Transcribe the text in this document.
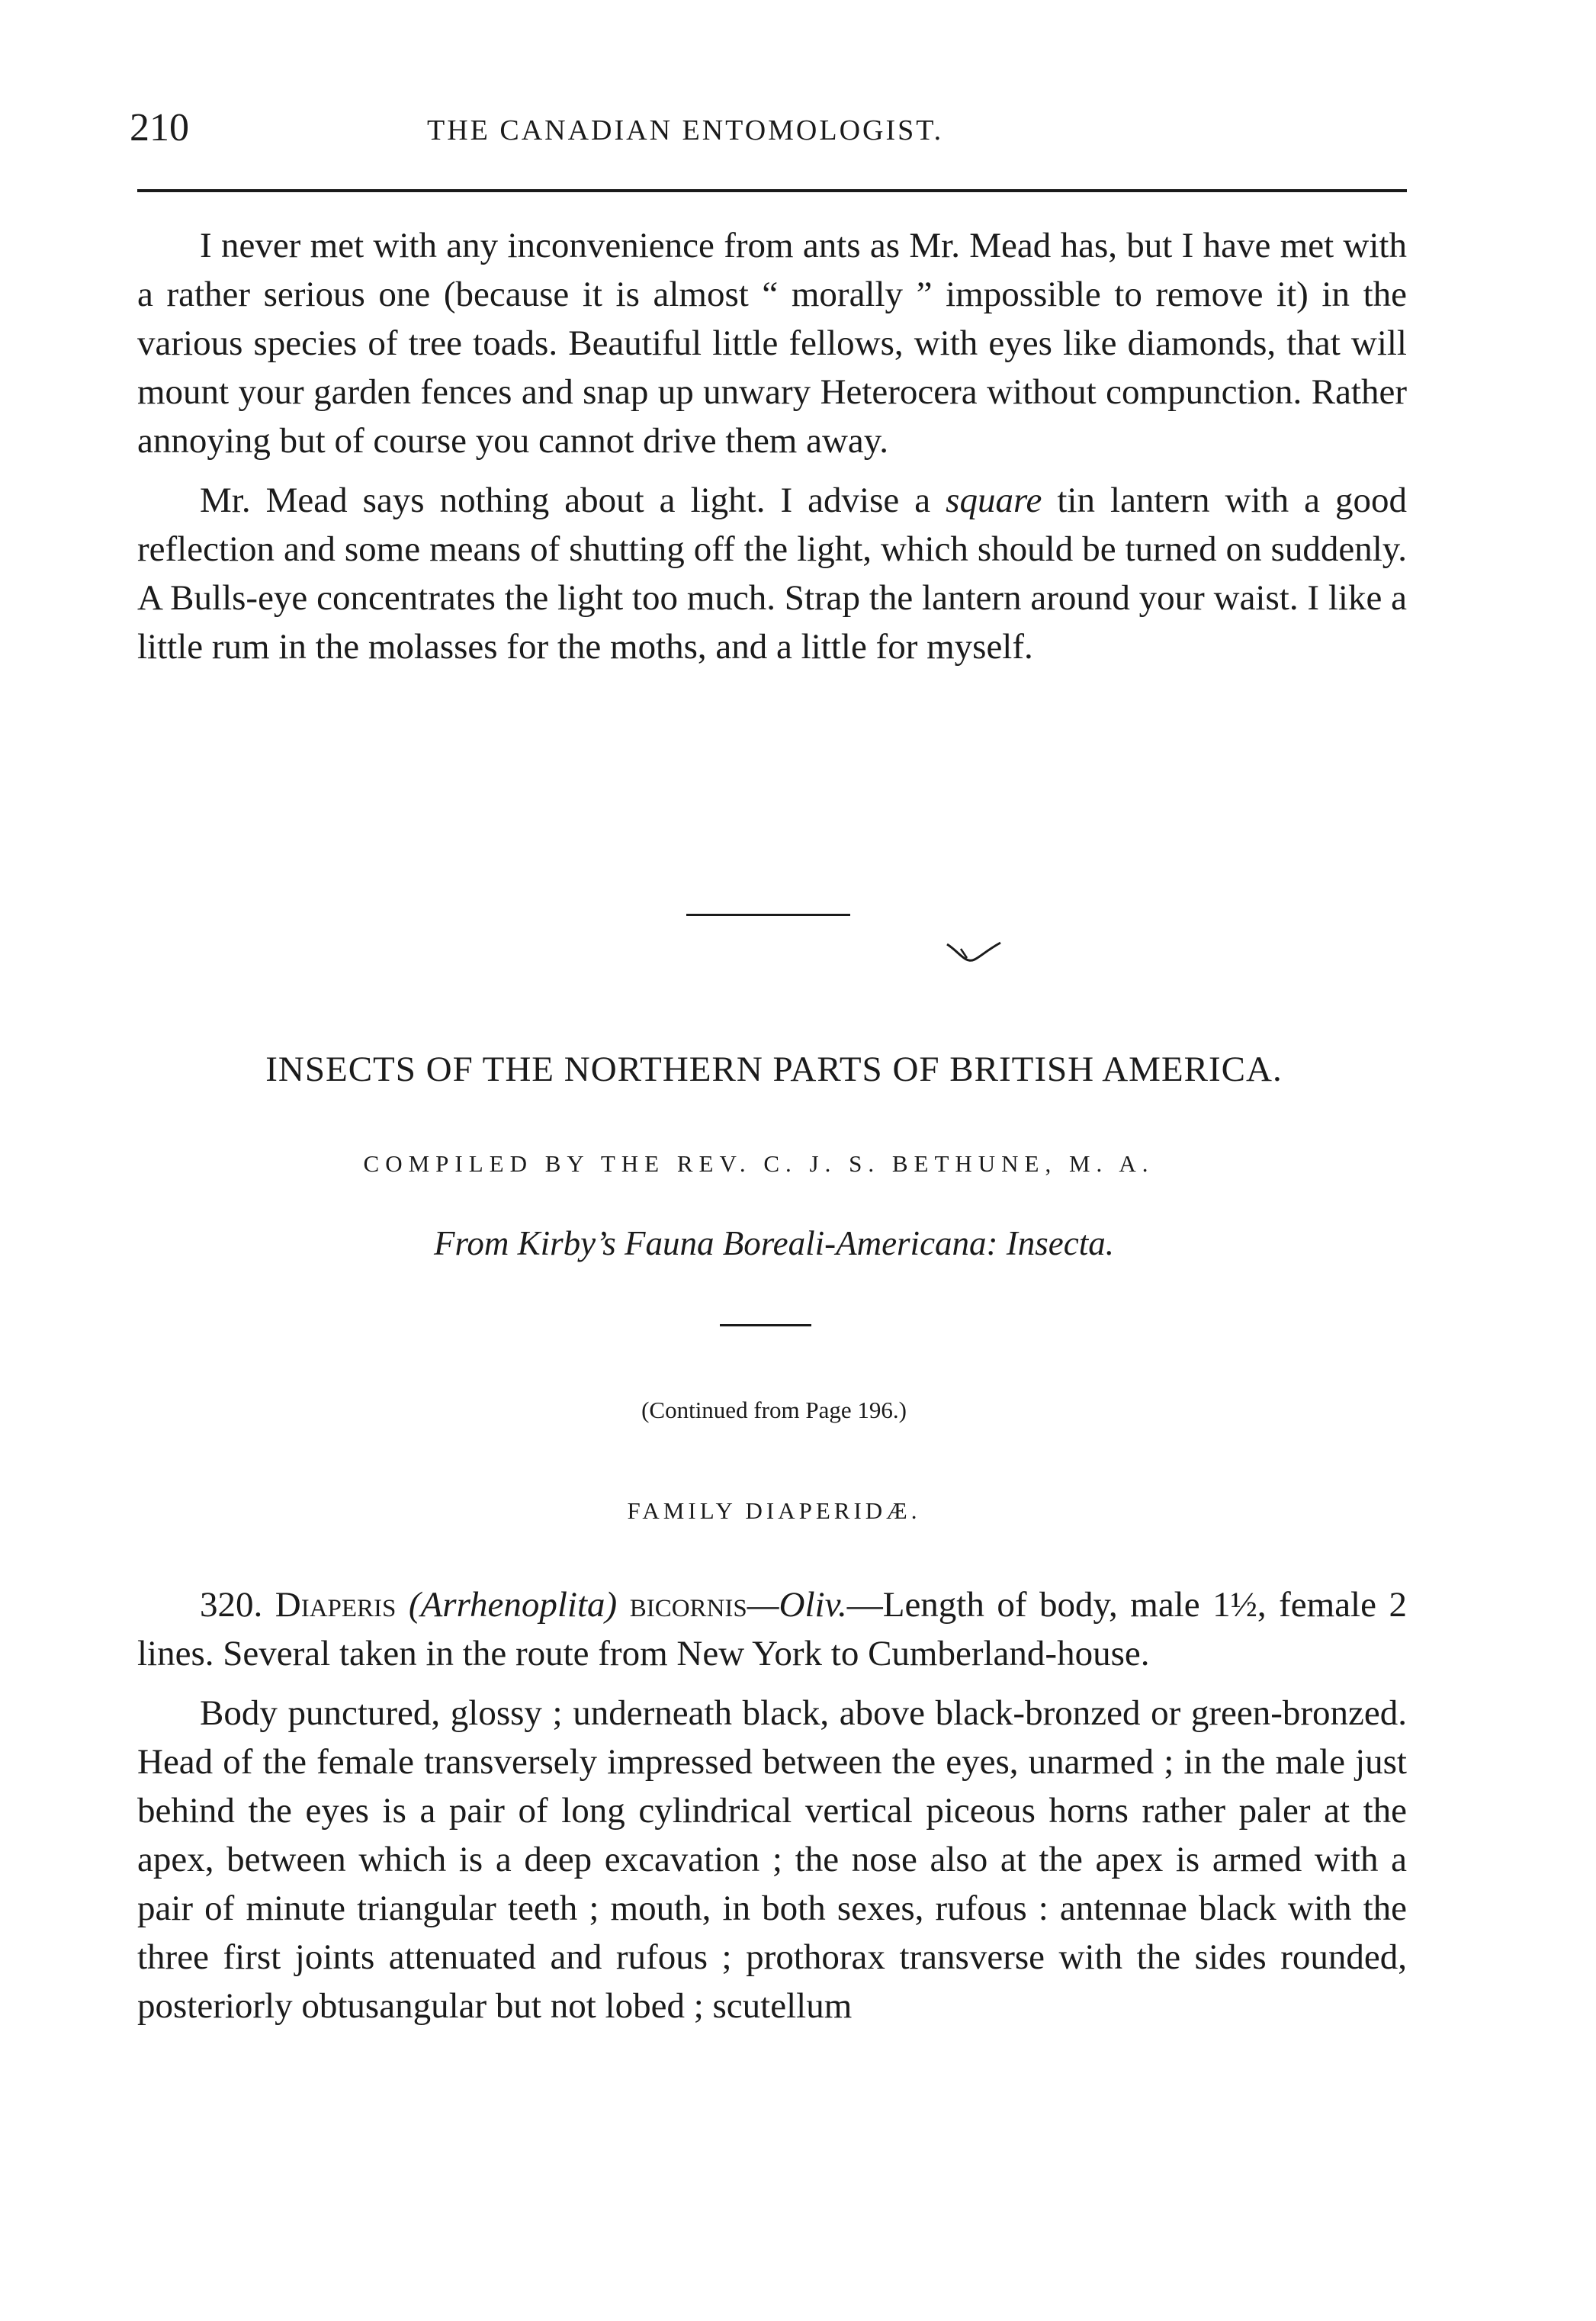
210	THE CANADIAN ENTOMOLOGIST.

I never met with any inconvenience from ants as Mr. Mead has, but I have met with a rather serious one (because it is almost “ morally ” impossible to remove it) in the various species of tree toads. Beautiful little fellows, with eyes like diamonds, that will mount your garden fences and snap up unwary Heterocera without compunction. Rather annoying but of course you cannot drive them away.

Mr. Mead says nothing about a light. I advise a square tin lantern with a good reflection and some means of shutting off the light, which should be turned on suddenly. A Bulls-eye concentrates the light too much. Strap the lantern around your waist. I like a little rum in the molasses for the moths, and a little for myself.

INSECTS OF THE NORTHERN PARTS OF BRITISH AMERICA.
COMPILED BY THE REV. C. J. S. BETHUNE, M. A.
From Kirby’s Fauna Boreali-Americana: Insecta.
(Continued from Page 196.)
FAMILY DIAPERIDÆ.

320. Diaperis (Arrhenoplita) bicornis—Oliv.—Length of body, male 1½, female 2 lines. Several taken in the route from New York to Cumberland-house.

Body punctured, glossy ; underneath black, above black-bronzed or green-bronzed. Head of the female transversely impressed between the eyes, unarmed ; in the male just behind the eyes is a pair of long cylindrical vertical piceous horns rather paler at the apex, between which is a deep excavation ; the nose also at the apex is armed with a pair of minute triangular teeth ; mouth, in both sexes, rufous : antennae black with the three first joints attenuated and rufous ; prothorax transverse with the sides rounded, posteriorly obtusangular but not lobed ; scutellum
